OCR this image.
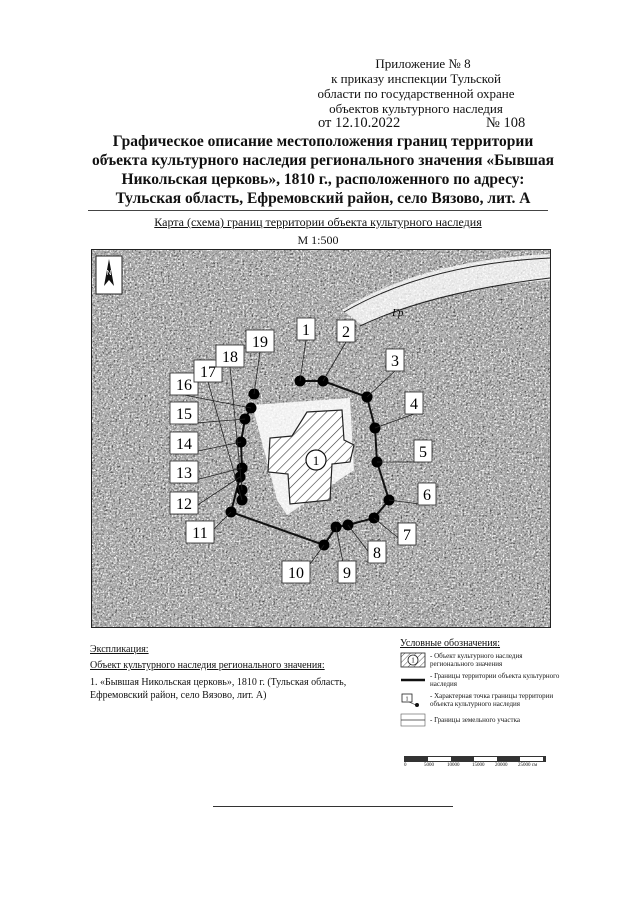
Приложение № 8
к приказу инспекции Тульской
области по государственной охране
объектов культурного наследия
от 12.10.2022	№ 108
Графическое описание местоположения границ территории объекта культурного наследия регионального значения «Бывшая Никольская церковь», 1810 г., расположенного по адресу: Тульская область, Ефремовский район, село Вязово, лит. А
Карта (схема) границ территории объекта культурного наследия
М 1:500
Гр
N
1
1 2
3
4
5
6
7
8
9
10
11
12
13
14
15
16
17
18
19
Экспликация:
Объект культурного наследия регионального значения:
1. «Бывшая Никольская церковь», 1810 г. (Тульская область, Ефремовский район, село Вязово, лит. А)
Условные обозначения:
1
- Объект культурного наследия регионального значения
- Границы территории объекта культурного наследия
1	- Характерная точка границы территории объекта культурного наследия
- Границы земельного участка
0	5000	10000	15000 20000 25000 см
